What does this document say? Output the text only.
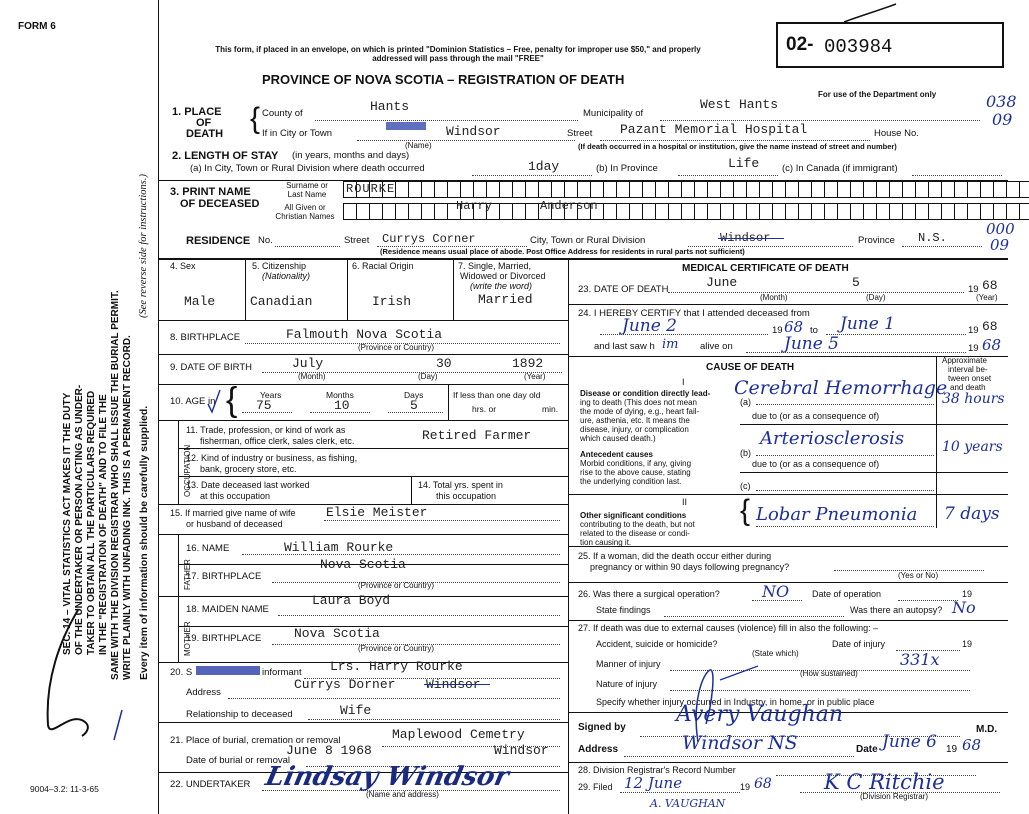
FORM 6
SEC. 14 – VITAL STATISTICS ACT MAKES IT THE DUTY OF THE UNDERTAKER OR PERSON ACTING AS UNDER- TAKER TO OBTAIN ALL THE PARTICULARS REQUIRED IN THE "REGISTRATION OF DEATH" AND TO FILE THE SAME WITH THE DIVISION REGISTRAR WHO SHALL ISSUE THE BURIAL PERMIT. WRITE PLAINLY WITH UNFADING INK. THIS IS A PERMANENT RECORD. Every item of information should be carefully supplied.
(See reverse side for instructions.)
9004–3.2: 11-3-65
This form, if placed in an envelope, on which is printed "Dominion Statistics – Free, penalty for improper use $50," and properly addressed will pass through the mail "FREE"
PROVINCE OF NOVA SCOTIA – REGISTRATION OF DEATH
02- 003984
For use of the Department only	038
09
1. PLACE
OF
DEATH { County of	Hants	Municipality of
West Hants
If in City or Town	Windsor
(Name)
Street Pazant Memorial Hospital	House No.
(If death occurred in a hospital or institution, give the name instead of street and number)
2. LENGTH OF STAY (in years, months and days)
(a) In City, Town or Rural Division where death occurred	1day	(b) In Province	Life (c) In Canada (if immigrant)
3. PRINT NAME
OF DECEASED
Surname or
Last Name
All Given or
Christian Names
ROURKE
Harry	Anderson
RESIDENCE No.	Street Currys Corner	City, Town or Rural Division	Windsor	Province N.S.	000
09
(Residence means usual place of abode. Post Office Address for residents in rural parts not sufficient)
4. Sex
Male
5. Citizenship
(Nationality)
Canadian
6. Racial Origin
Irish
7. Single, Married,
Widowed or Divorced
(write the word)
Married
8. BIRTHPLACE	Falmouth Nova Scotia
(Province or Country)
9. DATE OF BIRTH	July	30	1892
(Month)	(Day)	(Year)
10. AGE in {	Years
75
Months
10
Days
5
If less than one day old
hrs. or	min.
OCCUPATION
11. Trade, profession, or kind of work as
fisherman, office clerk, sales clerk, etc.	Retired Farmer
12. Kind of industry or business, as fishing,
bank, grocery store, etc.
13. Date deceased last worked
at this occupation
14. Total yrs. spent in
this occupation
15. If married give name of wife
or husband of deceased
Elsie Meister
FATHER
16. NAME	William Rourke
17. BIRTHPLACE
Nova Scotia
(Province or Country)
MOTHER
18. MAIDEN NAME
Laura Boyd
19. BIRTHPLACE	Nova Scotia
(Province or Country)
20. S	informant Lrs. Harry Rourke
Address
Currys Dorner Windsor
Relationship to deceased	Wife
21. Place of burial, cremation or removal	Maplewood Cemetry
Date of burial or removal
June 8 1968	Windsor
22. UNDERTAKER Lindsay Windsor
(Name and address)
MEDICAL CERTIFICATE OF DEATH
23. DATE OF DEATH	June	5	19 68
(Month)	(Day)	(Year)
24. I HEREBY CERTIFY that I attended deceased from
June 2	19 68 to June 1	19 68
and last saw h im alive on	June 5	19 68
CAUSE OF DEATH
Approximate
interval be-
tween onset
and death
I
Disease or condition directly lead-
ing to death (This does not mean
the mode of dying, e.g., heart fail-
ure, asthenia, etc. It means the
disease, injury, or complication
which caused death.)
(a)
Cerebral Hemorrhage
38 hours
due to (or as a consequence of)
Arteriosclerosis
(b)	10 years
Antecedent causes
Morbid conditions, if any, giving
rise to the above cause, stating
the underlying condition last.
due to (or as a consequence of)
(c)
II
Other significant conditions
contributing to the death, but not
related to the disease or condi-
tion causing it.
{ Lobar Pneumonia 7 days
25. If a woman, did the death occur either during
pregnancy or within 90 days following pregnancy?
(Yes or No)
26. Was there a surgical operation?	NO	Date of operation	19
State findings	Was there an autopsy? No
27. If death was due to external causes (violence) fill in also the following: –
Accident, suicide or homicide?
(State which)
Date of injury	19
Manner of injury	331x
(How sustained)
Nature of injury
Specify whether injury occurred in Industry, in home, or in public place
Signed by
Avery Vaughan
M.D.
Address	Windsor NS	Date June 6 19 68
28. Division Registrar's Record Number
29. Filed 12 June	19 68 K C Ritchie
(Division Registrar)
A. VAUGHAN
